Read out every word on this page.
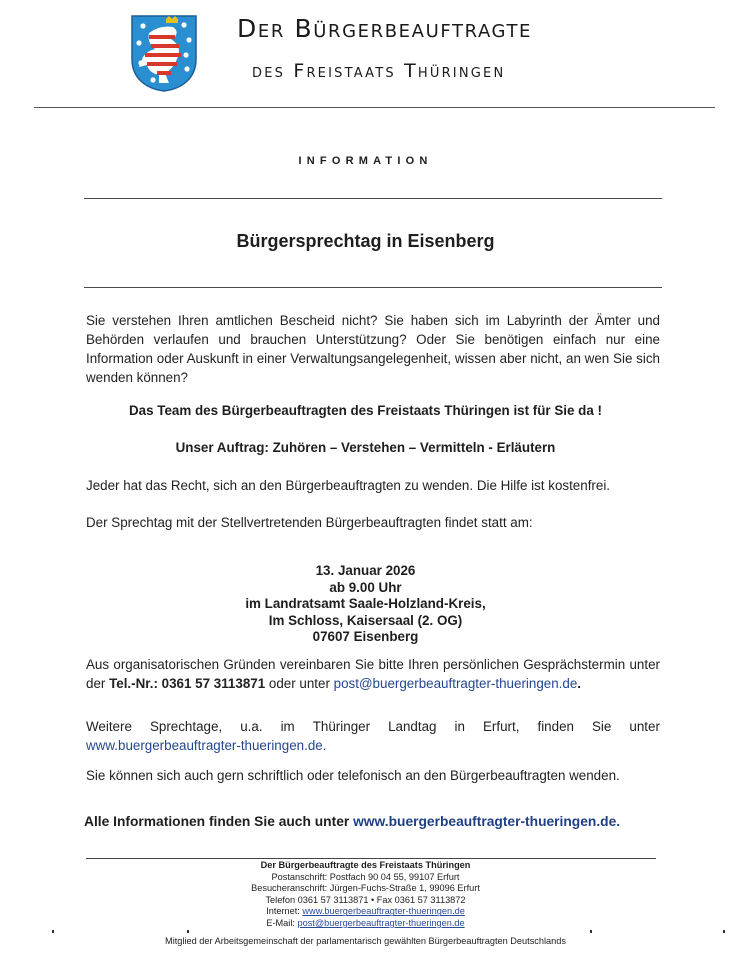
Der Bürgerbeauftragte
des Freistaats Thüringen
INFORMATION
Bürgersprechtag in Eisenberg
Sie verstehen Ihren amtlichen Bescheid nicht? Sie haben sich im Labyrinth der Ämter und Behörden verlaufen und brauchen Unterstützung? Oder Sie benötigen einfach nur eine Information oder Auskunft in einer Verwaltungsangelegenheit, wissen aber nicht, an wen Sie sich wenden können?
Das Team des Bürgerbeauftragten des Freistaats Thüringen ist für Sie da !
Unser Auftrag: Zuhören – Verstehen – Vermitteln - Erläutern
Jeder hat das Recht, sich an den Bürgerbeauftragten zu wenden. Die Hilfe ist kostenfrei.
Der Sprechtag mit der Stellvertretenden Bürgerbeauftragten findet statt am:
13. Januar 2026
ab 9.00 Uhr
im Landratsamt Saale-Holzland-Kreis,
Im Schloss, Kaisersaal (2. OG)
07607 Eisenberg
Aus organisatorischen Gründen vereinbaren Sie bitte Ihren persönlichen Gesprächstermin unter der Tel.-Nr.: 0361 57 3113871 oder unter post@buergerbeauftragter-thueringen.de.
Weitere Sprechtage, u.a. im Thüringer Landtag in Erfurt, finden Sie unter
www.buergerbeauftragter-thueringen.de.
Sie können sich auch gern schriftlich oder telefonisch an den Bürgerbeauftragten wenden.
Alle Informationen finden Sie auch unter www.buergerbeauftragter-thueringen.de.
Der Bürgerbeauftragte des Freistaats Thüringen
Postanschrift: Postfach 90 04 55, 99107 Erfurt
Besucheranschrift: Jürgen-Fuchs-Straße 1, 99096 Erfurt
Telefon 0361 57 3113871 • Fax 0361 57 3113872
Internet: www.buergerbeauftragter-thueringen.de
E-Mail: post@buergerbeauftragter-thueringen.de
Mitglied der Arbeitsgemeinschaft der parlamentarisch gewählten Bürgerbeauftragten Deutschlands
